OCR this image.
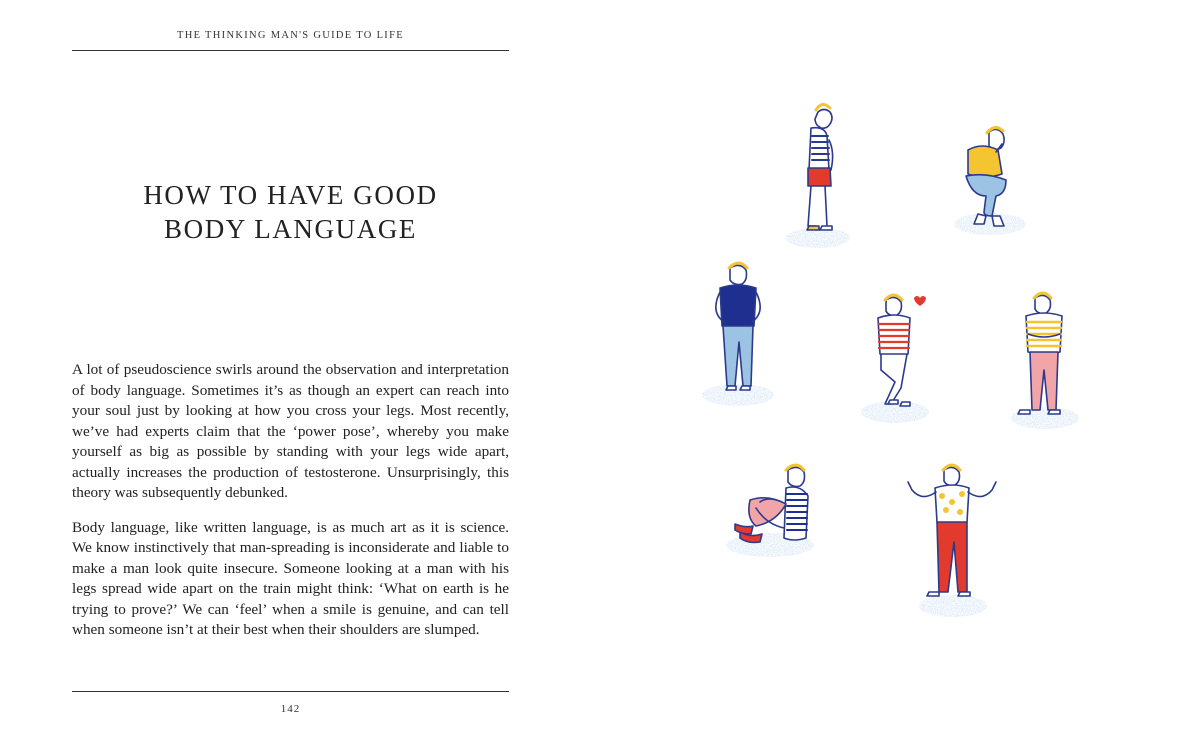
THE THINKING MAN'S GUIDE TO LIFE
HOW TO HAVE GOOD
BODY LANGUAGE

A lot of pseudoscience swirls around the observation and interpretation of body language. Sometimes it’s as though an expert can reach into your soul just by looking at how you cross your legs. Most recently, we’ve had experts claim that the ‘power pose’, whereby you make yourself as big as possible by standing with your legs wide apart, actually increases the production of testosterone. Unsurprisingly, this theory was subsequently debunked.

Body language, like written language, is as much art as it is science. We know instinctively that man-spreading is inconsiderate and liable to make a man look quite insecure. Someone looking at a man with his legs spread wide apart on the train might think: ‘What on earth is he trying to prove?’ We can ‘feel’ when a smile is genuine, and can tell when someone isn’t at their best when their shoulders are slumped.

142
